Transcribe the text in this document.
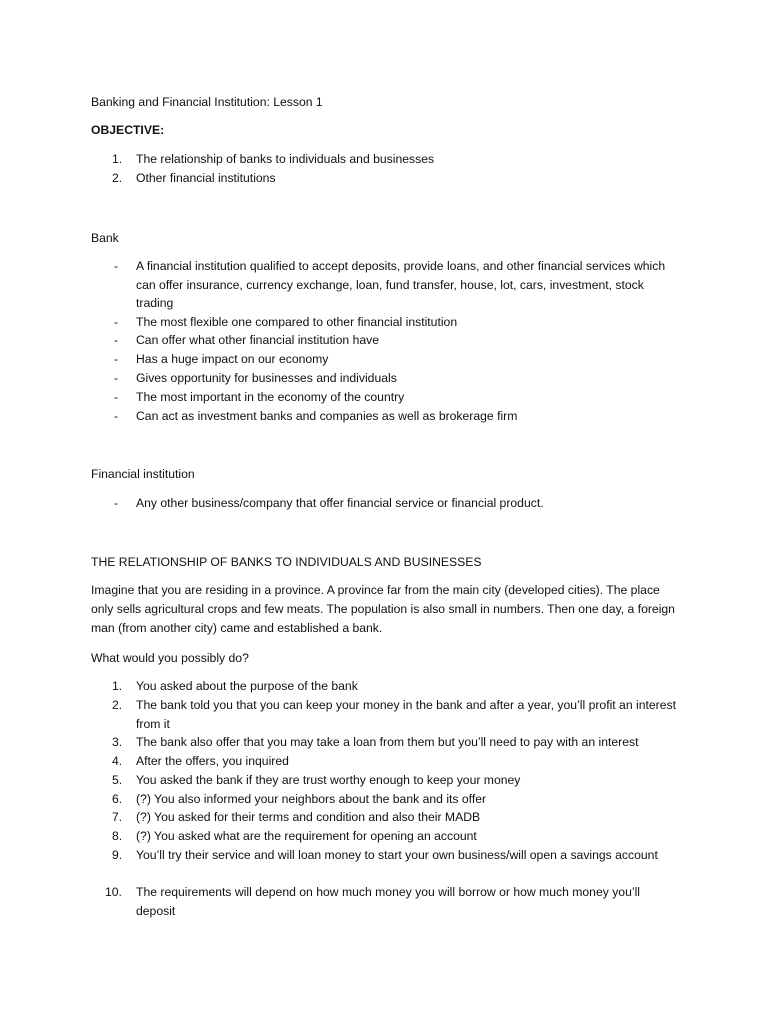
Banking and Financial Institution: Lesson 1
OBJECTIVE:
1.	The relationship of banks to individuals and businesses
2.	Other financial institutions
Bank
- A financial institution qualified to accept deposits, provide loans, and other financial services which can offer insurance, currency exchange, loan, fund transfer, house, lot, cars, investment, stock trading
- The most flexible one compared to other financial institution
- Can offer what other financial institution have
- Has a huge impact on our economy
- Gives opportunity for businesses and individuals
- The most important in the economy of the country
- Can act as investment banks and companies as well as brokerage firm
Financial institution
- Any other business/company that offer financial service or financial product.
THE RELATIONSHIP OF BANKS TO INDIVIDUALS AND BUSINESSES
Imagine that you are residing in a province. A province far from the main city (developed cities). The place only sells agricultural crops and few meats. The population is also small in numbers. Then one day, a foreign man (from another city) came and established a bank.
What would you possibly do?
1.	You asked about the purpose of the bank
2.	The bank told you that you can keep your money in the bank and after a year, you’ll profit an interest from it
3.	The bank also offer that you may take a loan from them but you’ll need to pay with an interest
4.	After the offers, you inquired
5.	You asked the bank if they are trust worthy enough to keep your money
6.	(?) You also informed your neighbors about the bank and its offer
7.	(?) You asked for their terms and condition and also their MADB
8.	(?) You asked what are the requirement for opening an account
9.	You’ll try their service and will loan money to start your own business/will open a savings account
10.	The requirements will depend on how much money you will borrow or how much money you’ll deposit
